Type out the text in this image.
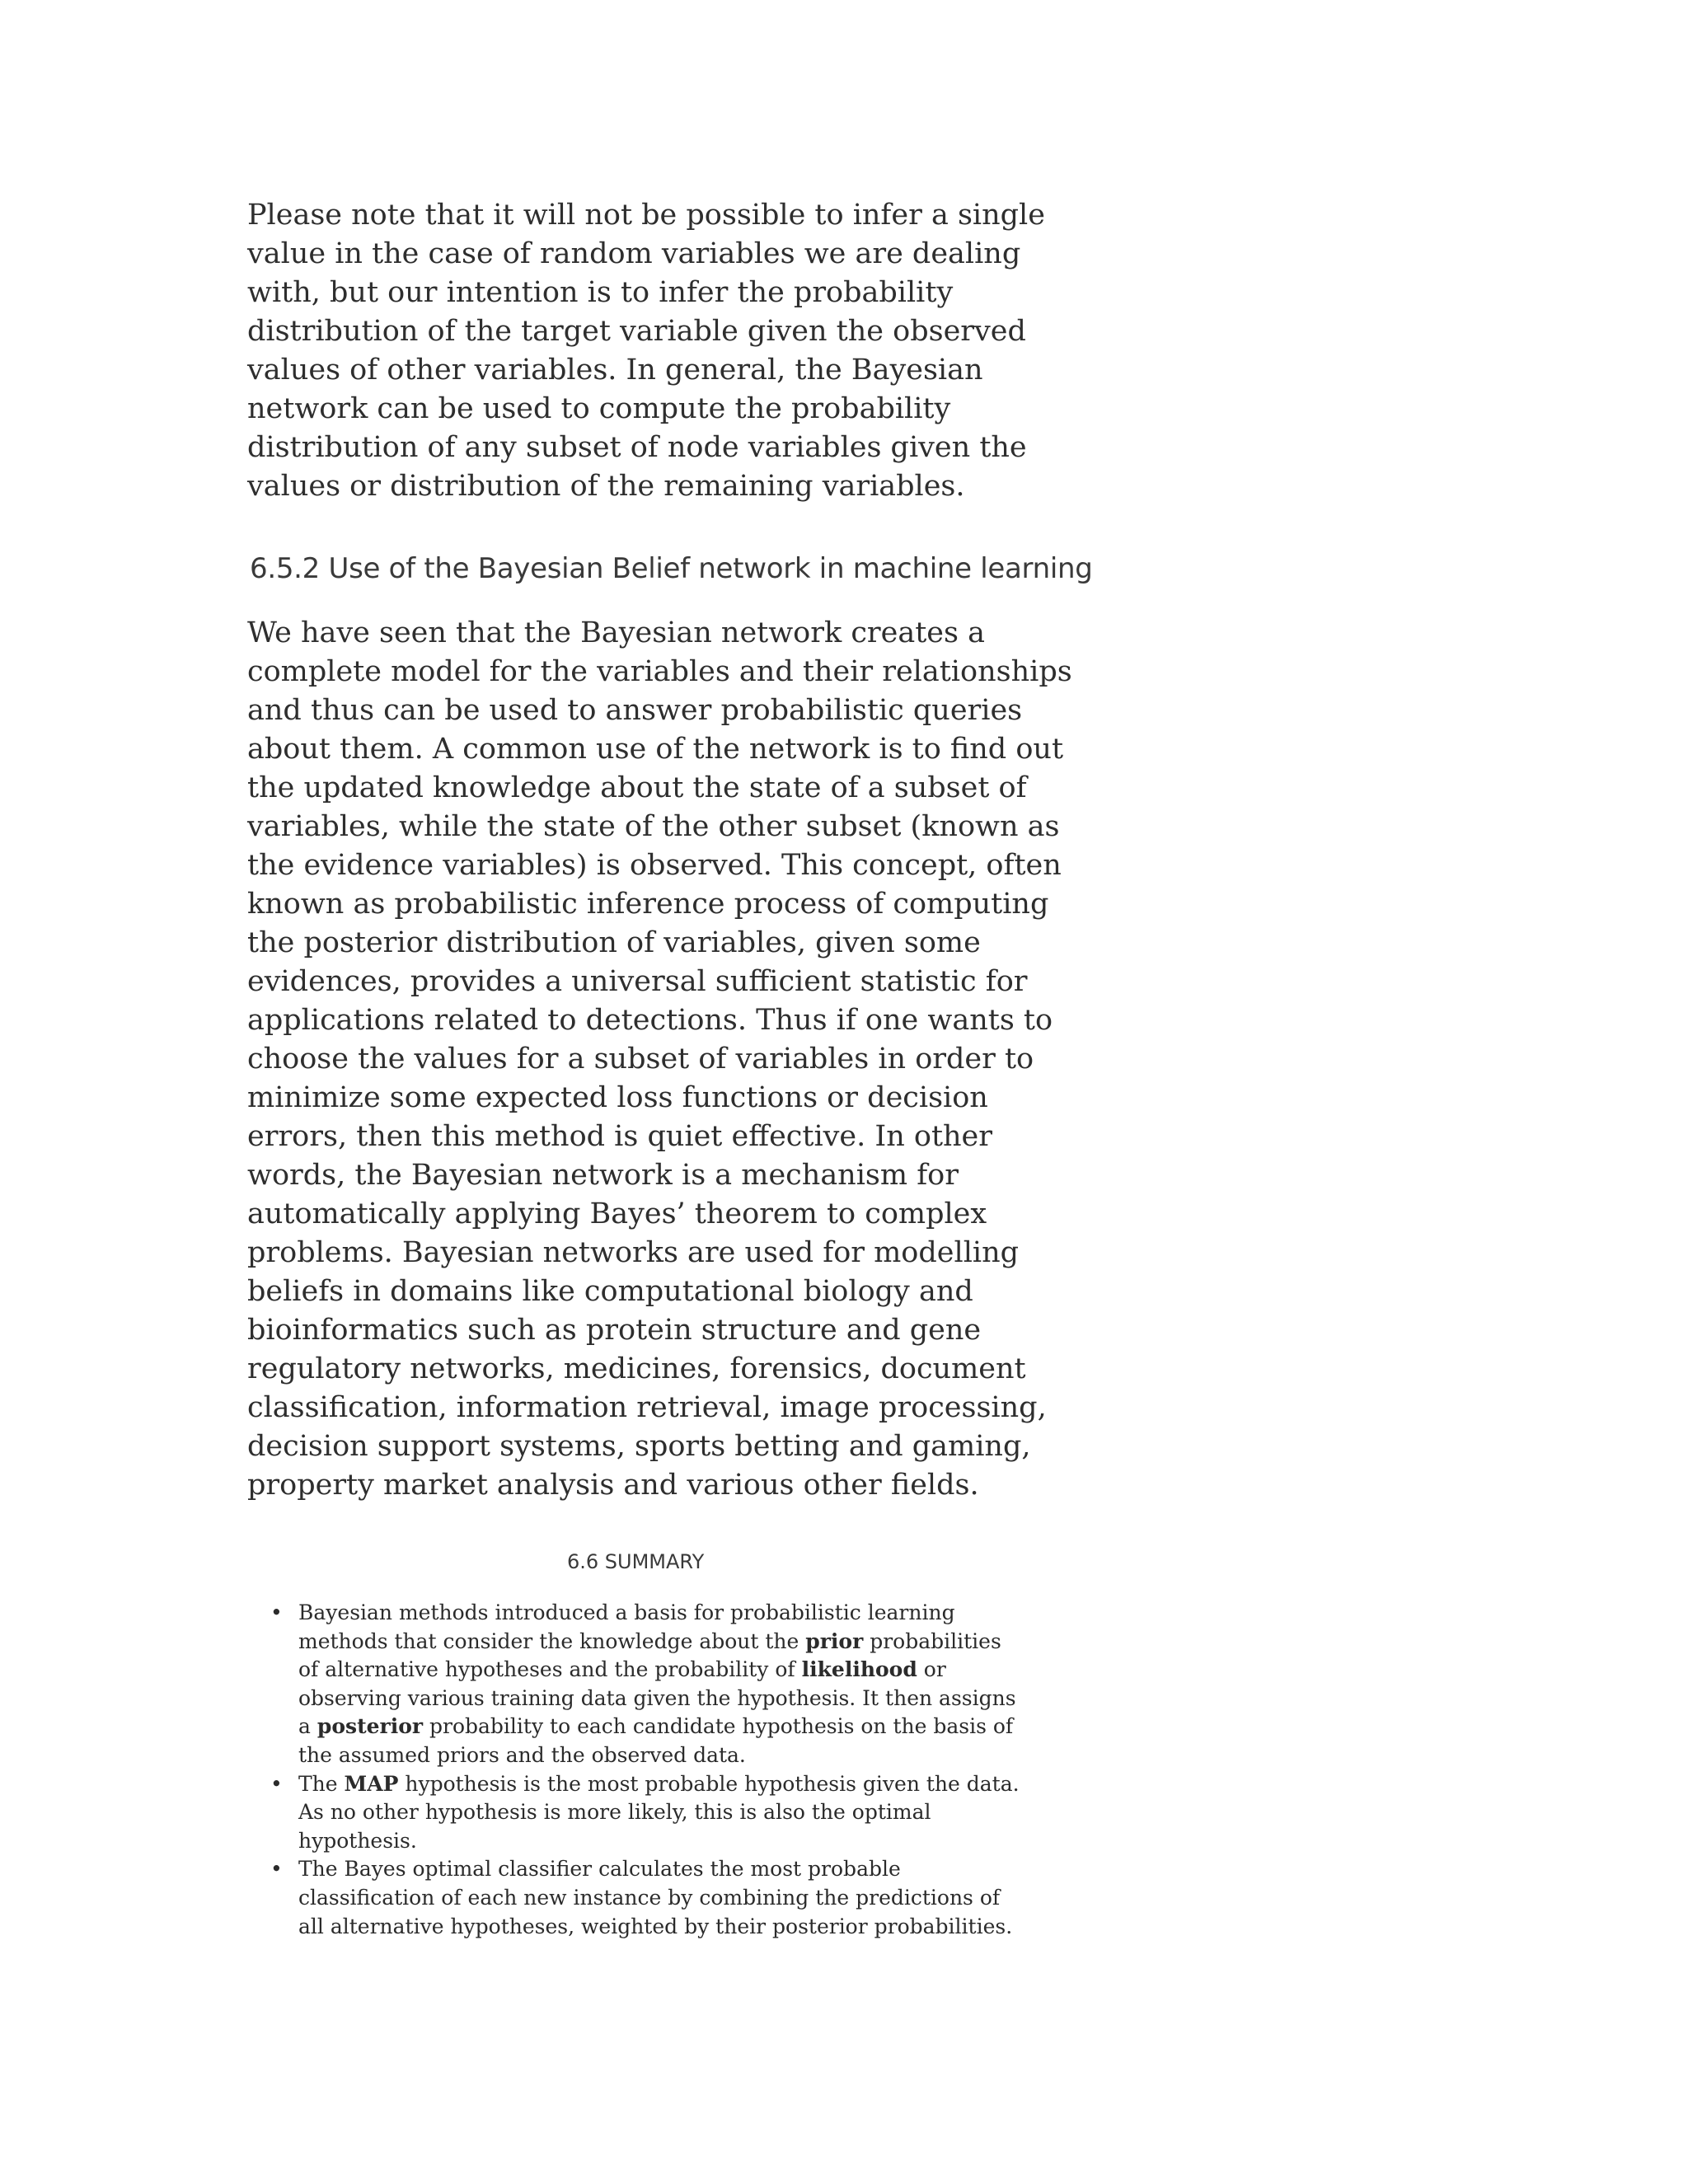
Please note that it will not be possible to infer a single
value in the case of random variables we are dealing
with, but our intention is to infer the probability
distribution of the target variable given the observed
values of other variables. In general, the Bayesian
network can be used to compute the probability
distribution of any subset of node variables given the
values or distribution of the remaining variables.

6.5.2 Use of the Bayesian Belief network in machine learning

We have seen that the Bayesian network creates a
complete model for the variables and their relationships
and thus can be used to answer probabilistic queries
about them. A common use of the network is to find out
the updated knowledge about the state of a subset of
variables, while the state of the other subset (known as
the evidence variables) is observed. This concept, often
known as probabilistic inference process of computing
the posterior distribution of variables, given some
evidences, provides a universal sufficient statistic for
applications related to detections. Thus if one wants to
choose the values for a subset of variables in order to
minimize some expected loss functions or decision
errors, then this method is quiet effective. In other
words, the Bayesian network is a mechanism for
automatically applying Bayes’ theorem to complex
problems. Bayesian networks are used for modelling
beliefs in domains like computational biology and
bioinformatics such as protein structure and gene
regulatory networks, medicines, forensics, document
classification, information retrieval, image processing,
decision support systems, sports betting and gaming,
property market analysis and various other fields.

6.6 SUMMARY
• Bayesian methods introduced a basis for probabilistic learning
methods that consider the knowledge about the prior probabilities
of alternative hypotheses and the probability of likelihood or
observing various training data given the hypothesis. It then assigns
a posterior probability to each candidate hypothesis on the basis of
the assumed priors and the observed data.
• The MAP hypothesis is the most probable hypothesis given the data.
As no other hypothesis is more likely, this is also the optimal
hypothesis.
• The Bayes optimal classifier calculates the most probable
classification of each new instance by combining the predictions of
all alternative hypotheses, weighted by their posterior probabilities.
